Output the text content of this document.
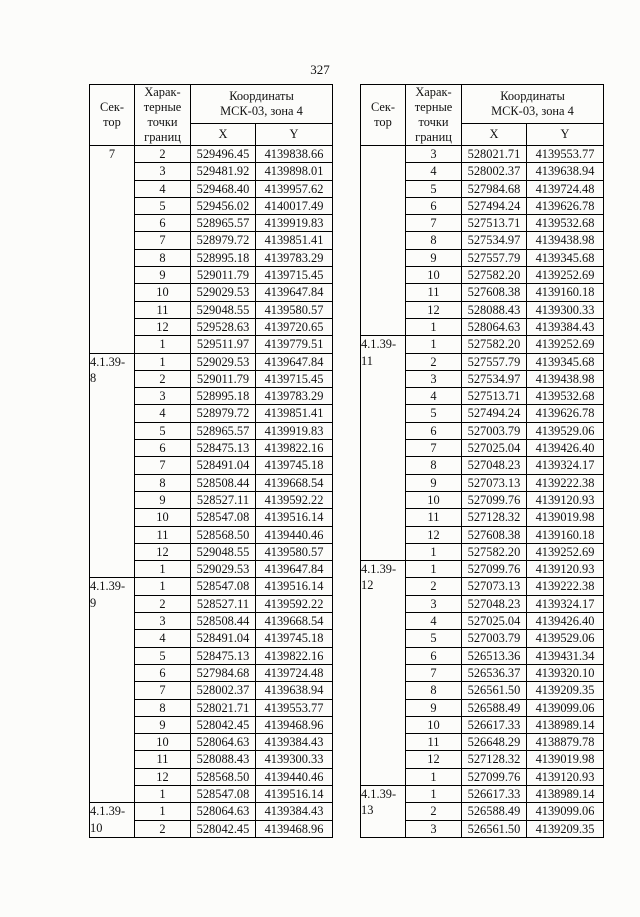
327
Сек-
тор	Харак-
терные
точки
границ	Координаты
МСК-03, зона 4	
		X	Y
7	2	529496.45	4139838.66
	3	529481.92	4139898.01
	4	529468.40	4139957.62
	5	529456.02	4140017.49
	6	528965.57	4139919.83
	7	528979.72	4139851.41
	8	528995.18	4139783.29
	9	529011.79	4139715.45
	10	529029.53	4139647.84
	11	529048.55	4139580.57
	12	529528.63	4139720.65
	1	529511.97	4139779.51
4.1.39-
8	1	529029.53	4139647.84
	2	529011.79	4139715.45
	3	528995.18	4139783.29
	4	528979.72	4139851.41
	5	528965.57	4139919.83
	6	528475.13	4139822.16
	7	528491.04	4139745.18
	8	528508.44	4139668.54
	9	528527.11	4139592.22
	10	528547.08	4139516.14
	11	528568.50	4139440.46
	12	529048.55	4139580.57
	1	529029.53	4139647.84
4.1.39-
9	1	528547.08	4139516.14
	2	528527.11	4139592.22
	3	528508.44	4139668.54
	4	528491.04	4139745.18
	5	528475.13	4139822.16
	6	527984.68	4139724.48
	7	528002.37	4139638.94
	8	528021.71	4139553.77
	9	528042.45	4139468.96
	10	528064.63	4139384.43
	11	528088.43	4139300.33
	12	528568.50	4139440.46
	1	528547.08	4139516.14
4.1.39-
10	1	528064.63	4139384.43
	2	528042.45	4139468.96
Сек-
тор	Харак-
терные
точки
границ	Координаты
МСК-03, зона 4	
		X	Y
	3	528021.71	4139553.77
	4	528002.37	4139638.94
	5	527984.68	4139724.48
	6	527494.24	4139626.78
	7	527513.71	4139532.68
	8	527534.97	4139438.98
	9	527557.79	4139345.68
	10	527582.20	4139252.69
	11	527608.38	4139160.18
	12	528088.43	4139300.33
	1	528064.63	4139384.43
4.1.39-
11	1	527582.20	4139252.69
	2	527557.79	4139345.68
	3	527534.97	4139438.98
	4	527513.71	4139532.68
	5	527494.24	4139626.78
	6	527003.79	4139529.06
	7	527025.04	4139426.40
	8	527048.23	4139324.17
	9	527073.13	4139222.38
	10	527099.76	4139120.93
	11	527128.32	4139019.98
	12	527608.38	4139160.18
	1	527582.20	4139252.69
4.1.39-
12	1	527099.76	4139120.93
	2	527073.13	4139222.38
	3	527048.23	4139324.17
	4	527025.04	4139426.40
	5	527003.79	4139529.06
	6	526513.36	4139431.34
	7	526536.37	4139320.10
	8	526561.50	4139209.35
	9	526588.49	4139099.06
	10	526617.33	4138989.14
	11	526648.29	4138879.78
	12	527128.32	4139019.98
	1	527099.76	4139120.93
4.1.39-
13	1	526617.33	4138989.14
	2	526588.49	4139099.06
	3	526561.50	4139209.35
